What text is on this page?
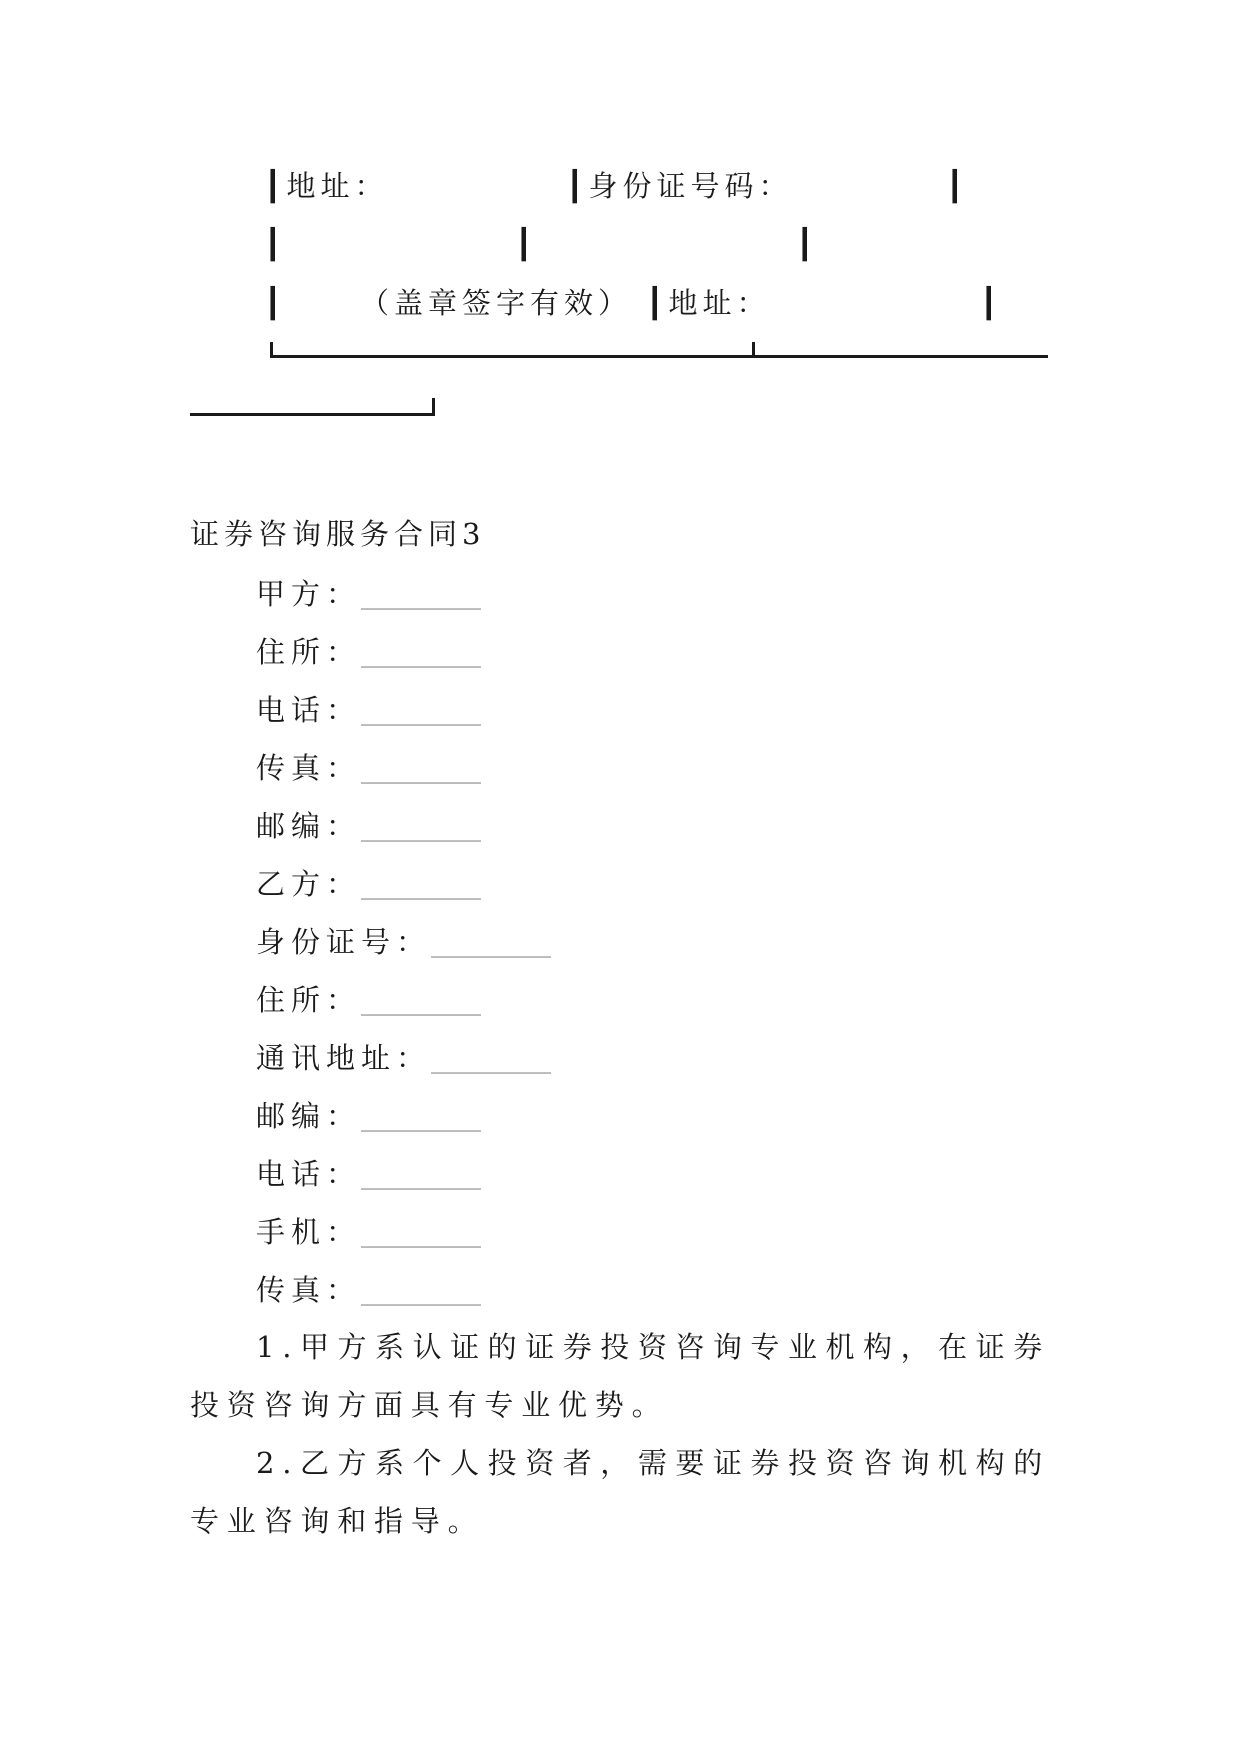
┃地址：	┃身份证号码：	┃
┃	┃	┃
┃	（盖章签字有效） ┃地址：	┃
证券咨询服务合同3
甲方：__________
住所：__________
电话：__________
传真：__________
邮编：__________
乙方：__________
身份证号：__________
住所：__________
通讯地址：__________
邮编：__________
电话：__________
手机：__________
传真：__________
1.甲方系认证的证券投资咨询专业机构，在证券投资咨询方面具有专业优势。
2.乙方系个人投资者，需要证券投资咨询机构的专业咨询和指导。
